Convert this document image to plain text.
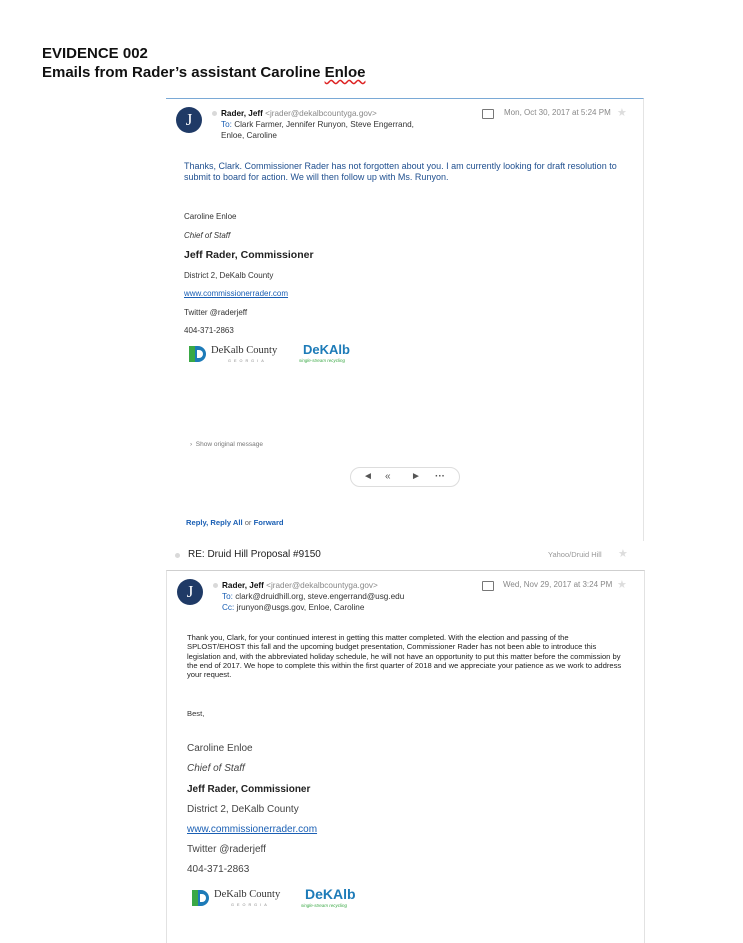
EVIDENCE 002
Emails from Rader’s assistant Caroline Enloe
J	Rader, Jeff <jrader@dekalbcountyga.gov>
To: Clark Farmer, Jennifer Runyon, Steve Engerrand,
Enloe, Caroline
Mon, Oct 30, 2017 at 5:24 PM ★
Thanks, Clark. Commissioner Rader has not forgotten about you. I am currently looking for draft resolution to submit to board for action. We will then follow up with Ms. Runyon.
Caroline Enloe
Chief of Staff
Jeff Rader, Commissioner
District 2, DeKalb County
www.commissionerrader.com
Twitter @raderjeff
404-371-2863
DeKalb County
GEORGIA
DeKAlb
single-stream recycling
› Show original message
◄ « ► ···
Reply, Reply All or Forward
RE: Druid Hill Proposal #9150	Yahoo/Druid Hill ★
J	Rader, Jeff <jrader@dekalbcountyga.gov>
To: clark@druidhill.org, steve.engerrand@usg.edu
Cc: jrunyon@usgs.gov, Enloe, Caroline
Wed, Nov 29, 2017 at 3:24 PM ★
Thank you, Clark, for your continued interest in getting this matter completed. With the election and passing of the SPLOST/EHOST this fall and the upcoming budget presentation, Commissioner Rader has not been able to introduce this legislation and, with the abbreviated holiday schedule, he will not have an opportunity to put this matter before the commission by the end of 2017. We hope to complete this within the first quarter of 2018 and we appreciate your patience as we work to address your request.
Best,
Caroline Enloe
Chief of Staff
Jeff Rader, Commissioner
District 2, DeKalb County
www.commissionerrader.com
Twitter @raderjeff
404-371-2863
DeKalb County
GEORGIA
DeKAlb
single-stream recycling
